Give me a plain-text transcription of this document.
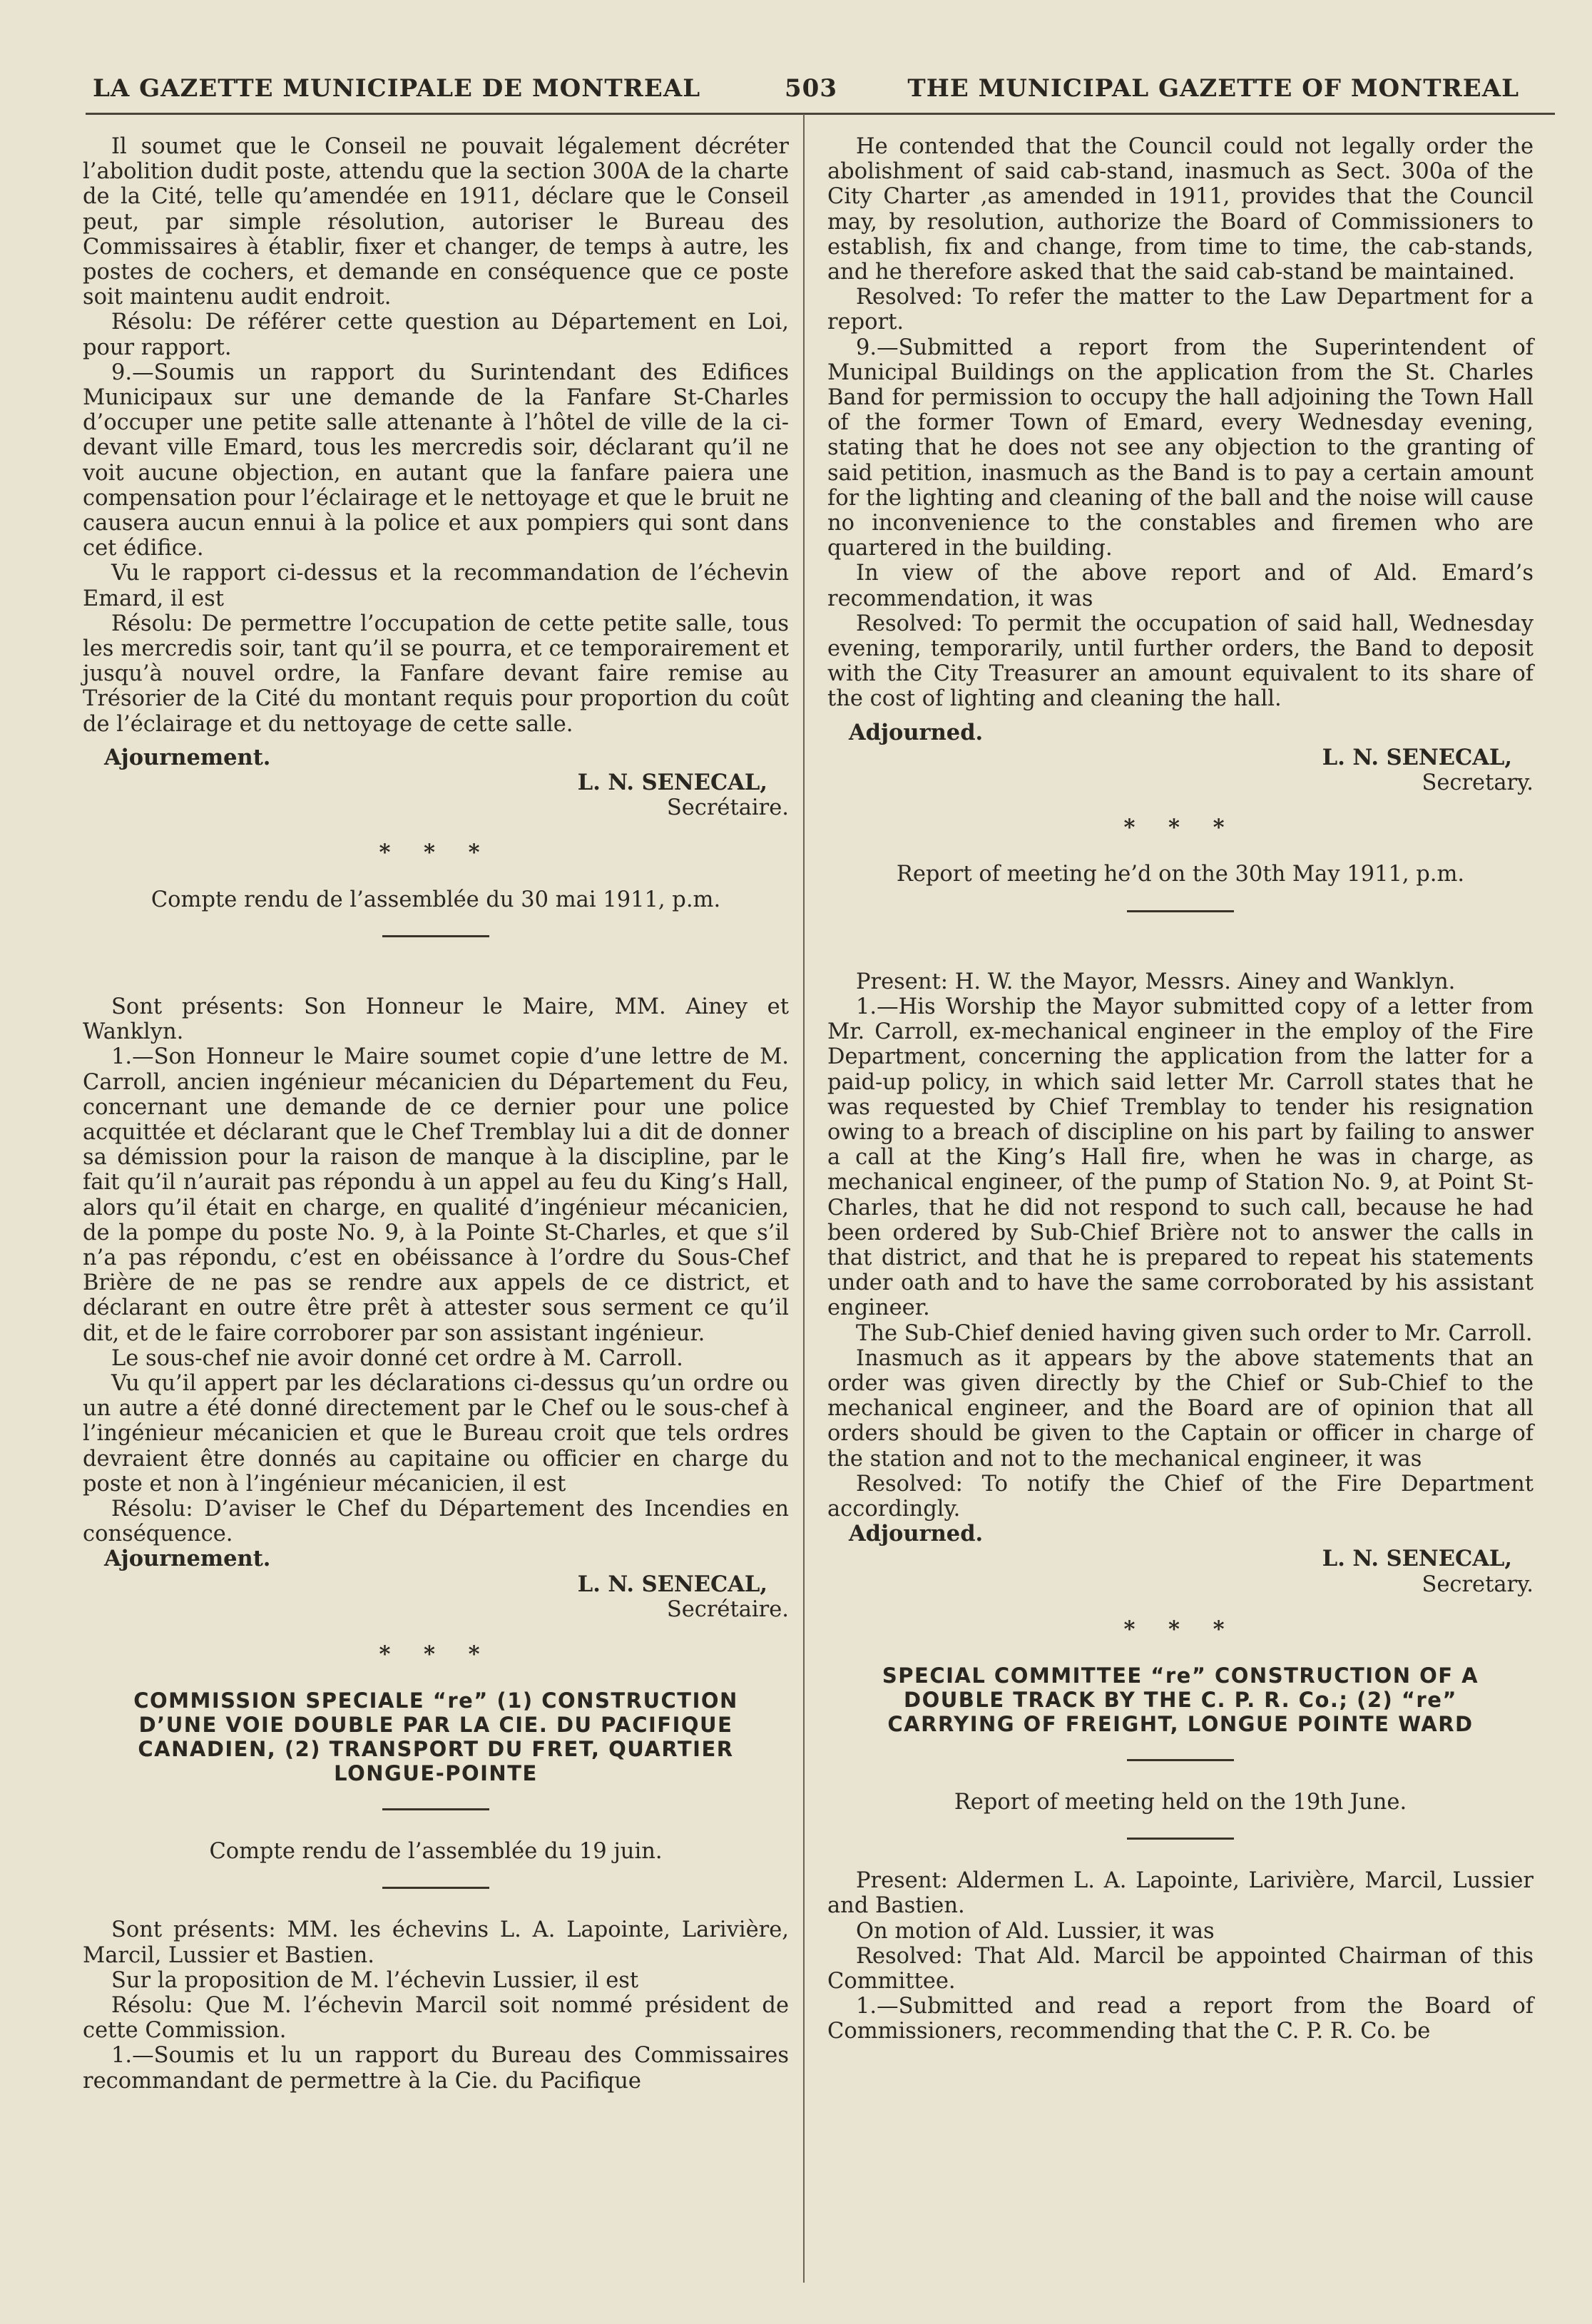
LA GAZETTE MUNICIPALE DE MONTREAL	503	THE MUNICIPAL GAZETTE OF MONTREAL

Il soumet que le Conseil ne pouvait légalement décréter l’abolition dudit poste, attendu que la section 300A de la charte de la Cité, telle qu’amendée en 1911, déclare que le Conseil peut, par simple résolution, autoriser le Bureau des Commissaires à établir, fixer et changer, de temps à autre, les postes de cochers, et demande en conséquence que ce poste soit maintenu audit endroit.

Résolu: De référer cette question au Département en Loi, pour rapport.

9.—Soumis un rapport du Surintendant des Edifices Municipaux sur une demande de la Fanfare St-Charles d’occuper une petite salle attenante à l’hôtel de ville de la ci-devant ville Emard, tous les mercredis soir, déclarant qu’il ne voit aucune objection, en autant que la fanfare paiera une compensation pour l’éclairage et le nettoyage et que le bruit ne causera aucun ennui à la police et aux pompiers qui sont dans cet édifice.

Vu le rapport ci-dessus et la recommandation de l’échevin Emard, il est

Résolu: De permettre l’occupation de cette petite salle, tous les mercredis soir, tant qu’il se pourra, et ce temporairement et jusqu’à nouvel ordre, la Fanfare devant faire remise au Trésorier de la Cité du montant requis pour proportion du coût de l’éclairage et du nettoyage de cette salle.

Ajournement.

L. N. SENECAL,
Secrétaire.
* * *

Compte rendu de l’assemblée du 30 mai 1911, p.m.

Sont présents: Son Honneur le Maire, MM. Ainey et Wanklyn.

1.—Son Honneur le Maire soumet copie d’une lettre de M. Carroll, ancien ingénieur mécanicien du Département du Feu, concernant une demande de ce dernier pour une police acquittée et déclarant que le Chef Tremblay lui a dit de donner sa démission pour la raison de manque à la discipline, par le fait qu’il n’aurait pas répondu à un appel au feu du King’s Hall, alors qu’il était en charge, en qualité d’ingénieur mécanicien, de la pompe du poste No. 9, à la Pointe St-Charles, et que s’il n’a pas répondu, c’est en obéissance à l’ordre du Sous-Chef Brière de ne pas se rendre aux appels de ce district, et déclarant en outre être prêt à attester sous serment ce qu’il dit, et de le faire corroborer par son assistant ingénieur.

Le sous-chef nie avoir donné cet ordre à M. Carroll.

Vu qu’il appert par les déclarations ci-dessus qu’un ordre ou un autre a été donné directement par le Chef ou le sous-chef à l’ingénieur mécanicien et que le Bureau croit que tels ordres devraient être donnés au capitaine ou officier en charge du poste et non à l’ingénieur mécanicien, il est

Résolu: D’aviser le Chef du Département des Incendies en conséquence.

Ajournement.

L. N. SENECAL,
Secrétaire.
* * *
COMMISSION SPECIALE “re” (1) CONSTRUCTION D’UNE VOIE DOUBLE PAR LA CIE. DU PACIFIQUE CANADIEN, (2) TRANSPORT DU FRET, QUARTIER LONGUE-POINTE

Compte rendu de l’assemblée du 19 juin.

Sont présents: MM. les échevins L. A. Lapointe, Larivière, Marcil, Lussier et Bastien.

Sur la proposition de M. l’échevin Lussier, il est

Résolu: Que M. l’échevin Marcil soit nommé président de cette Commission.

1.—Soumis et lu un rapport du Bureau des Commissaires recommandant de permettre à la Cie. du Pacifique

He contended that the Council could not legally order the abolishment of said cab-stand, inasmuch as Sect. 300a of the City Charter ,as amended in 1911, provides that the Council may, by resolution, authorize the Board of Commissioners to establish, fix and change, from time to time, the cab-stands, and he therefore asked that the said cab-stand be maintained.

Resolved: To refer the matter to the Law Department for a report.

9.—Submitted a report from the Superintendent of Municipal Buildings on the application from the St. Charles Band for permission to occupy the hall adjoining the Town Hall of the former Town of Emard, every Wednesday evening, stating that he does not see any objection to the granting of said petition, inasmuch as the Band is to pay a certain amount for the lighting and cleaning of the ball and the noise will cause no inconvenience to the constables and firemen who are quartered in the building.

In view of the above report and of Ald. Emard’s recommendation, it was

Resolved: To permit the occupation of said hall, Wednesday evening, temporarily, until further orders, the Band to deposit with the City Treasurer an amount equivalent to its share of the cost of lighting and cleaning the hall.

Adjourned.

L. N. SENECAL,
Secretary.
* * *

Report of meeting he’d on the 30th May 1911, p.m.

Present: H. W. the Mayor, Messrs. Ainey and Wanklyn.

1.—His Worship the Mayor submitted copy of a letter from Mr. Carroll, ex-mechanical engineer in the employ of the Fire Department, concerning the application from the latter for a paid-up policy, in which said letter Mr. Carroll states that he was requested by Chief Tremblay to tender his resignation owing to a breach of discipline on his part by failing to answer a call at the King’s Hall fire, when he was in charge, as mechanical engineer, of the pump of Station No. 9, at Point St-Charles, that he did not respond to such call, because he had been ordered by Sub-Chief Brière not to answer the calls in that district, and that he is prepared to repeat his statements under oath and to have the same corroborated by his assistant engineer.

The Sub-Chief denied having given such order to Mr. Carroll.

Inasmuch as it appears by the above statements that an order was given directly by the Chief or Sub-Chief to the mechanical engineer, and the Board are of opinion that all orders should be given to the Captain or officer in charge of the station and not to the mechanical engineer, it was

Resolved: To notify the Chief of the Fire Department accordingly.

Adjourned.

L. N. SENECAL,
Secretary.
* * *
SPECIAL COMMITTEE “re” CONSTRUCTION OF A DOUBLE TRACK BY THE C. P. R. Co.; (2) “re” CARRYING OF FREIGHT, LONGUE POINTE WARD

Report of meeting held on the 19th June.

Present: Aldermen L. A. Lapointe, Larivière, Marcil, Lussier and Bastien.

On motion of Ald. Lussier, it was

Resolved: That Ald. Marcil be appointed Chairman of this Committee.

1.—Submitted and read a report from the Board of Commissioners, recommending that the C. P. R. Co. be
